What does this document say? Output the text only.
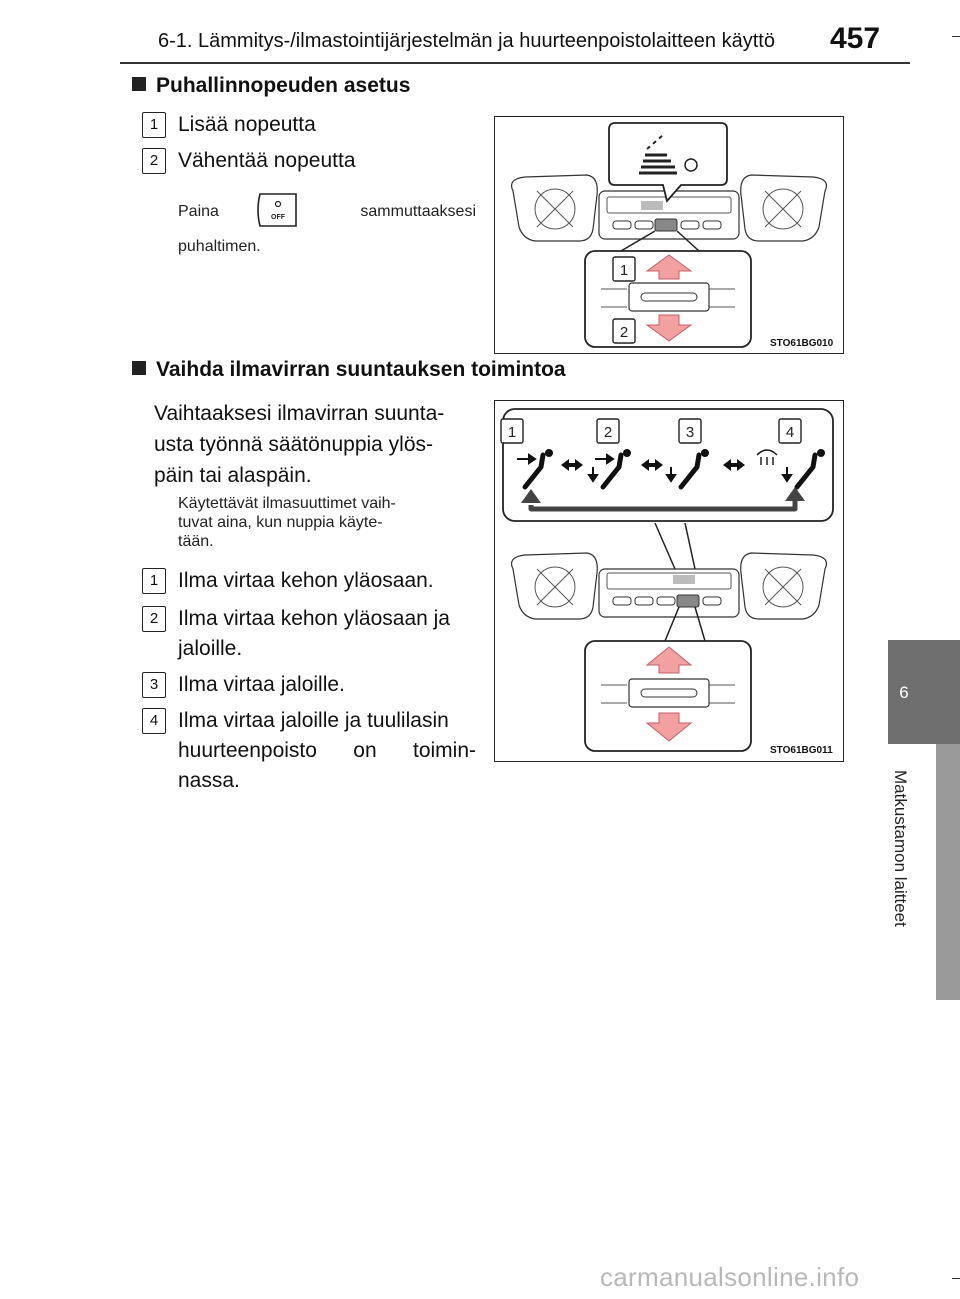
6-1. Lämmitys-/ilmastointijärjestelmän ja huurteenpoistolaitteen käyttö 457
6
Matkustamon laitteet
Puhallinnopeuden asetus
1 Lisää nopeutta
2 Vähentää nopeutta
Paina	OFF	sammuttaaksesi
puhaltimen.
1
2
STO61BG010
Vaihda ilmavirran suuntauksen toimintoa
Vaihtaaksesi ilmavirran suunta-
usta työnnä säätönuppia ylös-
päin tai alaspäin.
Käytettävät ilmasuuttimet vaih-
tuvat aina, kun nuppia käyte-
tään.
1 Ilma virtaa kehon yläosaan.
2 Ilma virtaa kehon yläosaan ja
jaloille.
3 Ilma virtaa jaloille.
4 Ilma virtaa jaloille ja tuulilasin
huurteenpoisto on toimin-
nassa.
1	2	3	4
STO61BG011
carmanualsonline.info
